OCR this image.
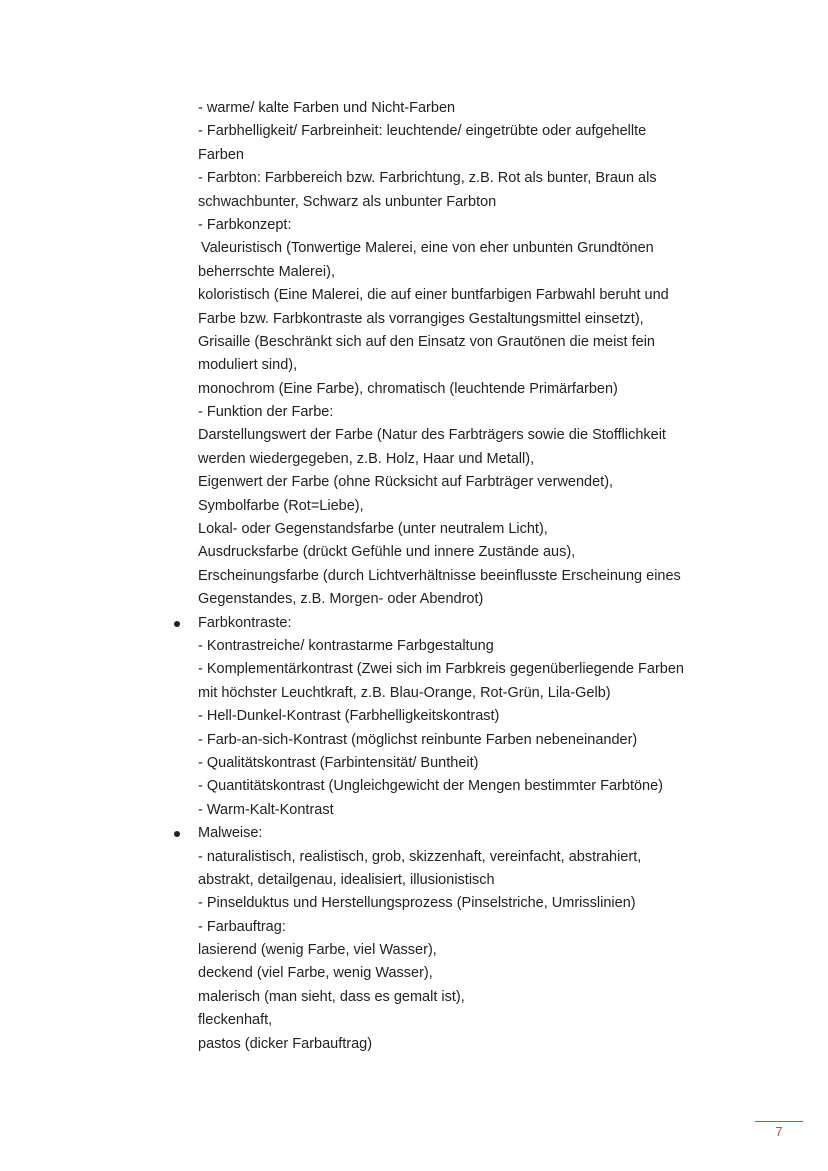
- warme/ kalte Farben und Nicht-Farben
- Farbhelligkeit/ Farbreinheit: leuchtende/ eingetrübte oder aufgehellte
Farben
- Farbton: Farbbereich bzw. Farbrichtung, z.B. Rot als bunter, Braun als
schwachbunter, Schwarz als unbunter Farbton
- Farbkonzept:
Valeuristisch (Tonwertige Malerei, eine von eher unbunten Grundtönen
beherrschte Malerei),
koloristisch (Eine Malerei, die auf einer buntfarbigen Farbwahl beruht und
Farbe bzw. Farbkontraste als vorrangiges Gestaltungsmittel einsetzt),
Grisaille (Beschränkt sich auf den Einsatz von Grautönen die meist fein
moduliert sind),
monochrom (Eine Farbe), chromatisch (leuchtende Primärfarben)
- Funktion der Farbe:
Darstellungswert der Farbe (Natur des Farbträgers sowie die Stofflichkeit
werden wiedergegeben, z.B. Holz, Haar und Metall),
Eigenwert der Farbe (ohne Rücksicht auf Farbträger verwendet),
Symbolfarbe (Rot=Liebe),
Lokal- oder Gegenstandsfarbe (unter neutralem Licht),
Ausdrucksfarbe (drückt Gefühle und innere Zustände aus),
Erscheinungsfarbe (durch Lichtverhältnisse beeinflusste Erscheinung eines
Gegenstandes, z.B. Morgen- oder Abendrot)
Farbkontraste:
- Kontrastreiche/ kontrastarme Farbgestaltung
- Komplementärkontrast (Zwei sich im Farbkreis gegenüberliegende Farben
mit höchster Leuchtkraft, z.B. Blau-Orange, Rot-Grün, Lila-Gelb)
- Hell-Dunkel-Kontrast (Farbhelligkeitskontrast)
- Farb-an-sich-Kontrast (möglichst reinbunte Farben nebeneinander)
- Qualitätskontrast (Farbintensität/ Buntheit)
- Quantitätskontrast (Ungleichgewicht der Mengen bestimmter Farbtöne)
- Warm-Kalt-Kontrast
Malweise:
- naturalistisch, realistisch, grob, skizzenhaft, vereinfacht, abstrahiert,
abstrakt, detailgenau, idealisiert, illusionistisch
- Pinselduktus und Herstellungsprozess (Pinselstriche, Umrisslinien)
- Farbauftrag:
lasierend (wenig Farbe, viel Wasser),
deckend (viel Farbe, wenig Wasser),
malerisch (man sieht, dass es gemalt ist),
fleckenhaft,
pastos (dicker Farbauftrag)
7
